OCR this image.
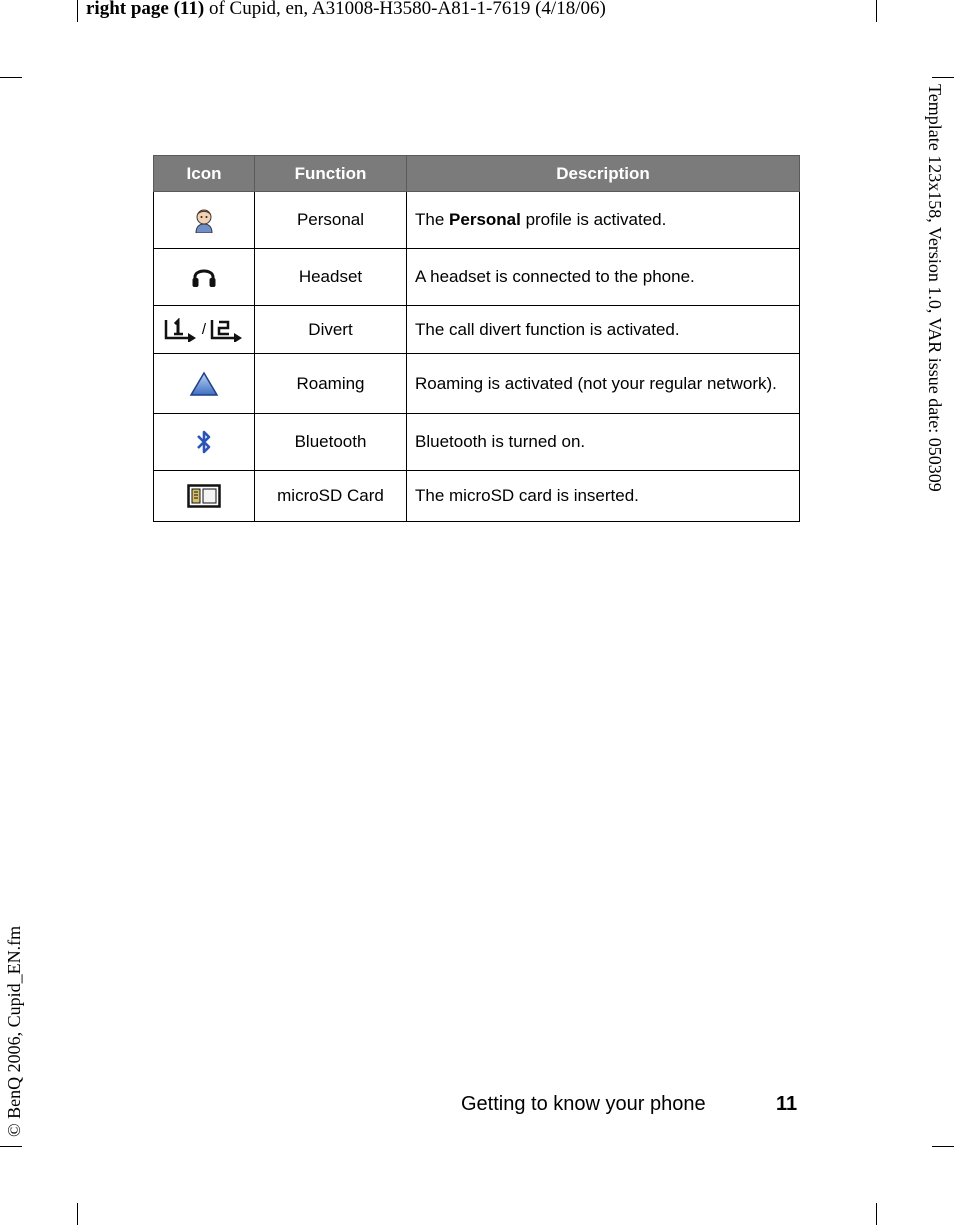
right page (11) of Cupid, en, A31008-H3580-A81-1-7619 (4/18/06)
Template 123x158, Version 1.0, VAR issue date: 050309
© BenQ 2006, Cupid_EN.fm
Icon	Function	Description

	Personal	The Personal profile is activated.

	Headset	A headset is connected to the phone.

/	Divert	The call divert function is activated.

	Roaming	Roaming is activated (not your regular network).

	Bluetooth	Bluetooth is turned on.

	microSD Card	The microSD card is inserted.
Getting to know your phone	11
